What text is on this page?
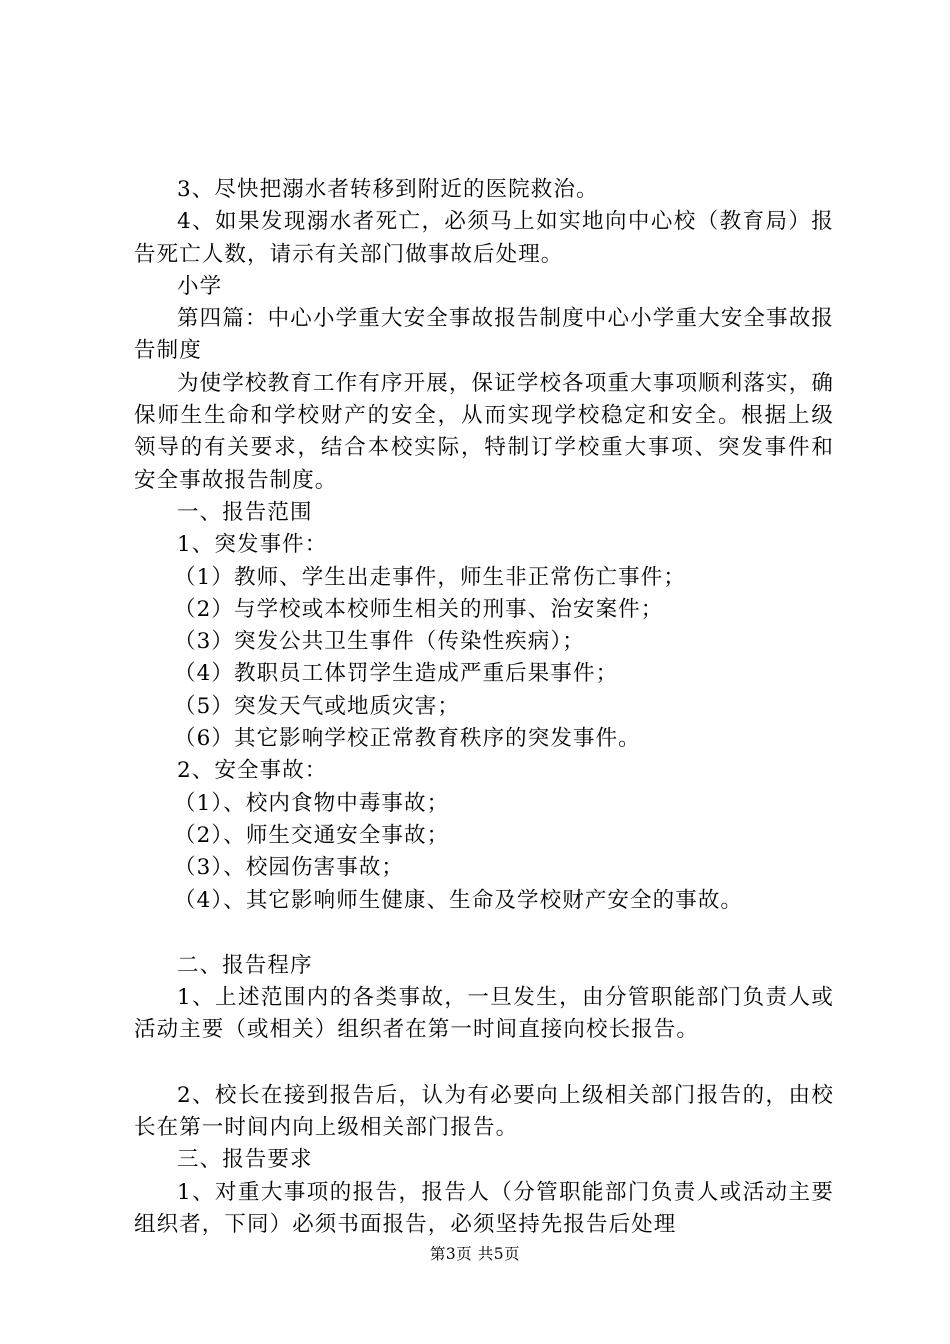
3、尽快把溺水者转移到附近的医院救治。

4、如果发现溺水者死亡，必须马上如实地向中心校（教育局）报告死亡人数，请示有关部门做事故后处理。

小学

第四篇：中心小学重大安全事故报告制度中心小学重大安全事故报告制度

为使学校教育工作有序开展，保证学校各项重大事项顺利落实，确保师生生命和学校财产的安全，从而实现学校稳定和安全。根据上级领导的有关要求，结合本校实际，特制订学校重大事项、突发事件和安全事故报告制度。

一、报告范围

1、突发事件：

（1）教师、学生出走事件，师生非正常伤亡事件；

（2）与学校或本校师生相关的刑事、治安案件；

（3）突发公共卫生事件（传染性疾病）；

（4）教职员工体罚学生造成严重后果事件；

（5）突发天气或地质灾害；

（6）其它影响学校正常教育秩序的突发事件。

2、安全事故：

（1）、校内食物中毒事故；

（2）、师生交通安全事故；

（3）、校园伤害事故；

（4）、其它影响师生健康、生命及学校财产安全的事故。

二、报告程序

1、上述范围内的各类事故，一旦发生，由分管职能部门负责人或活动主要（或相关）组织者在第一时间直接向校长报告。

2、校长在接到报告后，认为有必要向上级相关部门报告的，由校长在第一时间内向上级相关部门报告。

三、报告要求

1、对重大事项的报告，报告人（分管职能部门负责人或活动主要组织者，下同）必须书面报告，必须坚持先报告后处理

第3页 共5页
